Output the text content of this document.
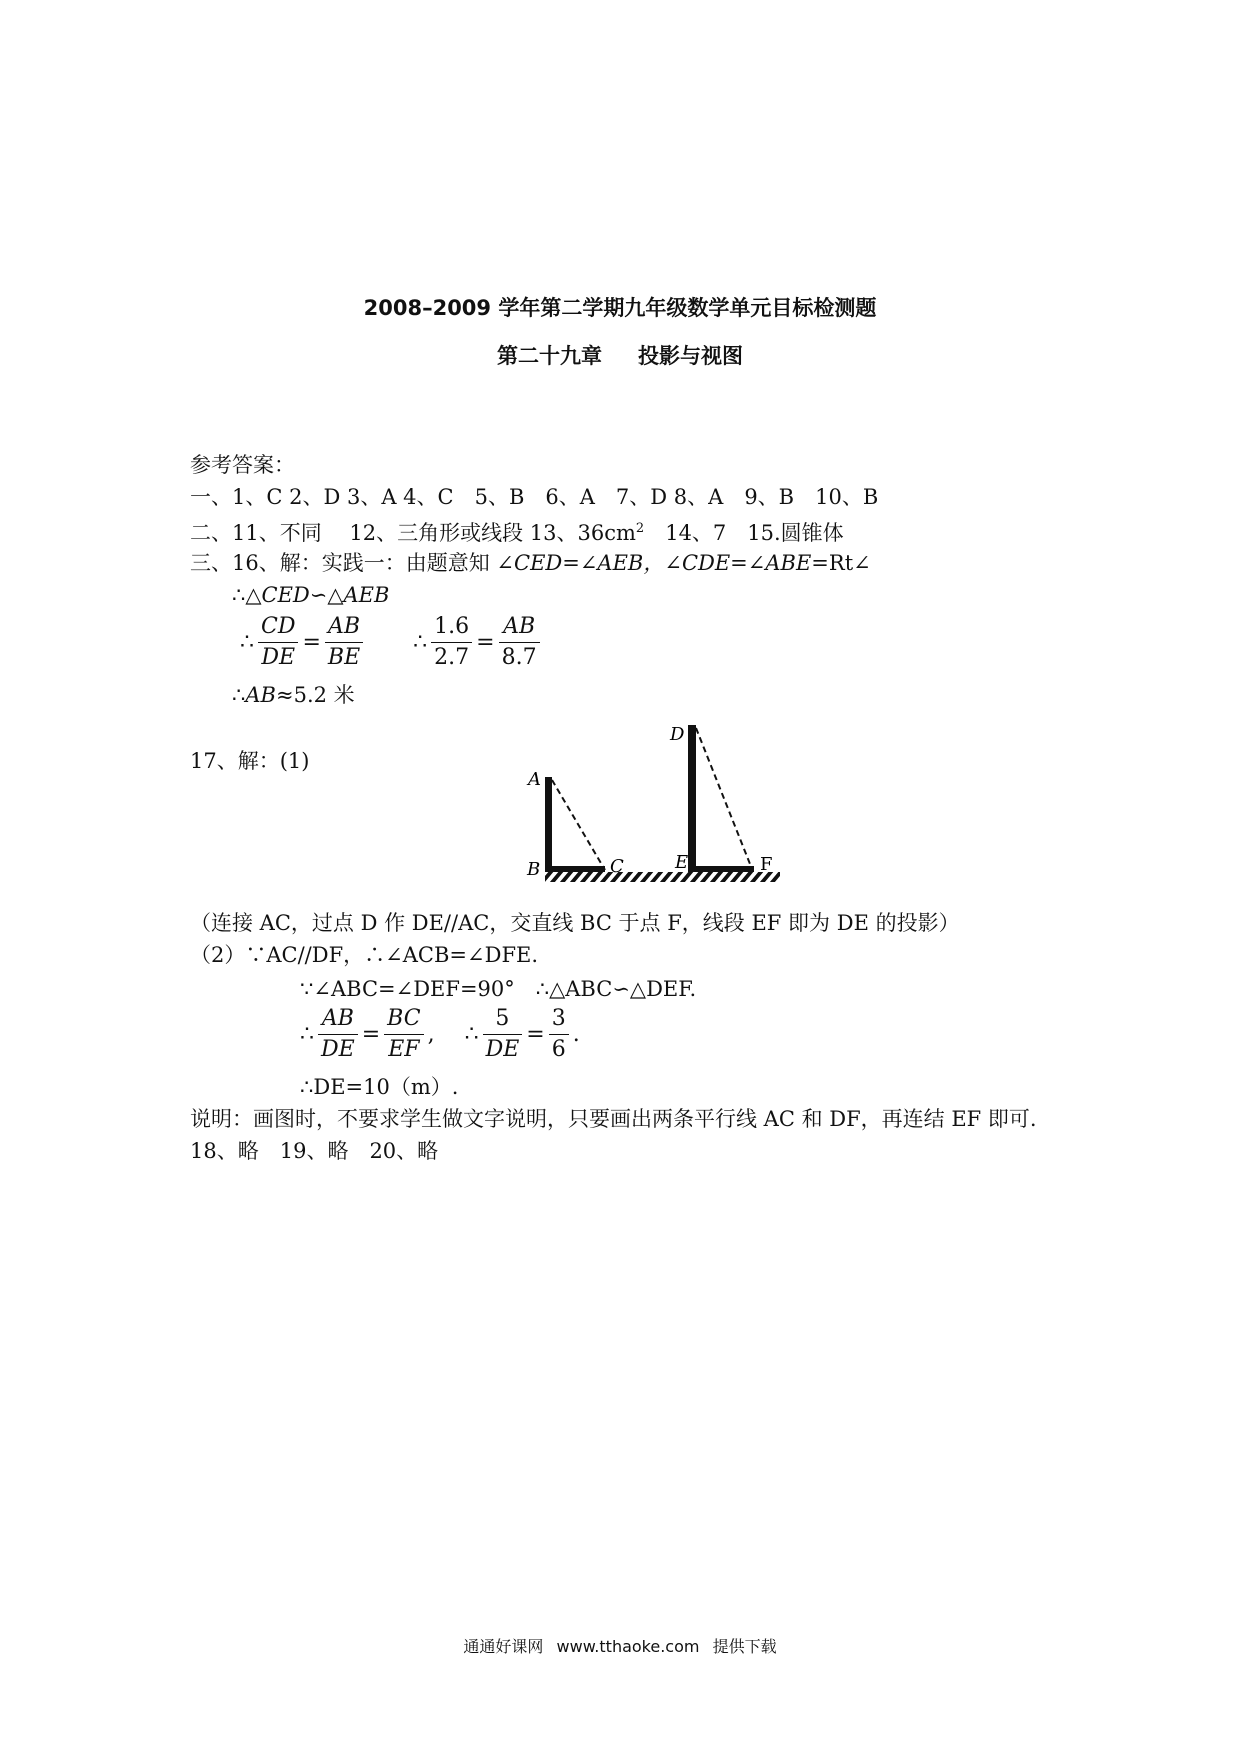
2008–2009 学年第二学期九年级数学单元目标检测题
第二十九章 投影与视图
参考答案：
一、1、C 2、D 3、A 4、C　5、B　6、A　7、D 8、A　9、B　10、B
二、11、不同　 12、三角形或线段 13、$36cm^2$　14、7　15.圆锥体
三、16、解：实践一：由题意知 ∠CED=∠AEB，∠CDE=∠ABE=Rt∠
∴△CED∽△AEB
∴ $\frac{CD}{DE} = \frac{AB}{BE}$ ∴ $\frac{1.6}{2.7} = \frac{AB}{8.7}$
∴AB≈5.2 米
17、解：(1)
A
B	C
D
E	F
（连接 AC，过点 D 作 DE//AC，交直线 BC 于点 F，线段 EF 即为 DE 的投影）
（2）∵AC//DF，∴∠ACB=∠DFE.
∵∠ABC=∠DEF=90°　∴△ABC∽△DEF.
∴ $\frac{AB}{DE} = \frac{BC}{EF}$ , ∴ $\frac{5}{DE} = \frac{3}{6}$ .
∴DE=10（m）.
说明：画图时，不要求学生做文字说明，只要画出两条平行线 AC 和 DF，再连结 EF 即可.
18、略　19、略　20、略
通通好课网 www.tthaoke.com 提供下载
